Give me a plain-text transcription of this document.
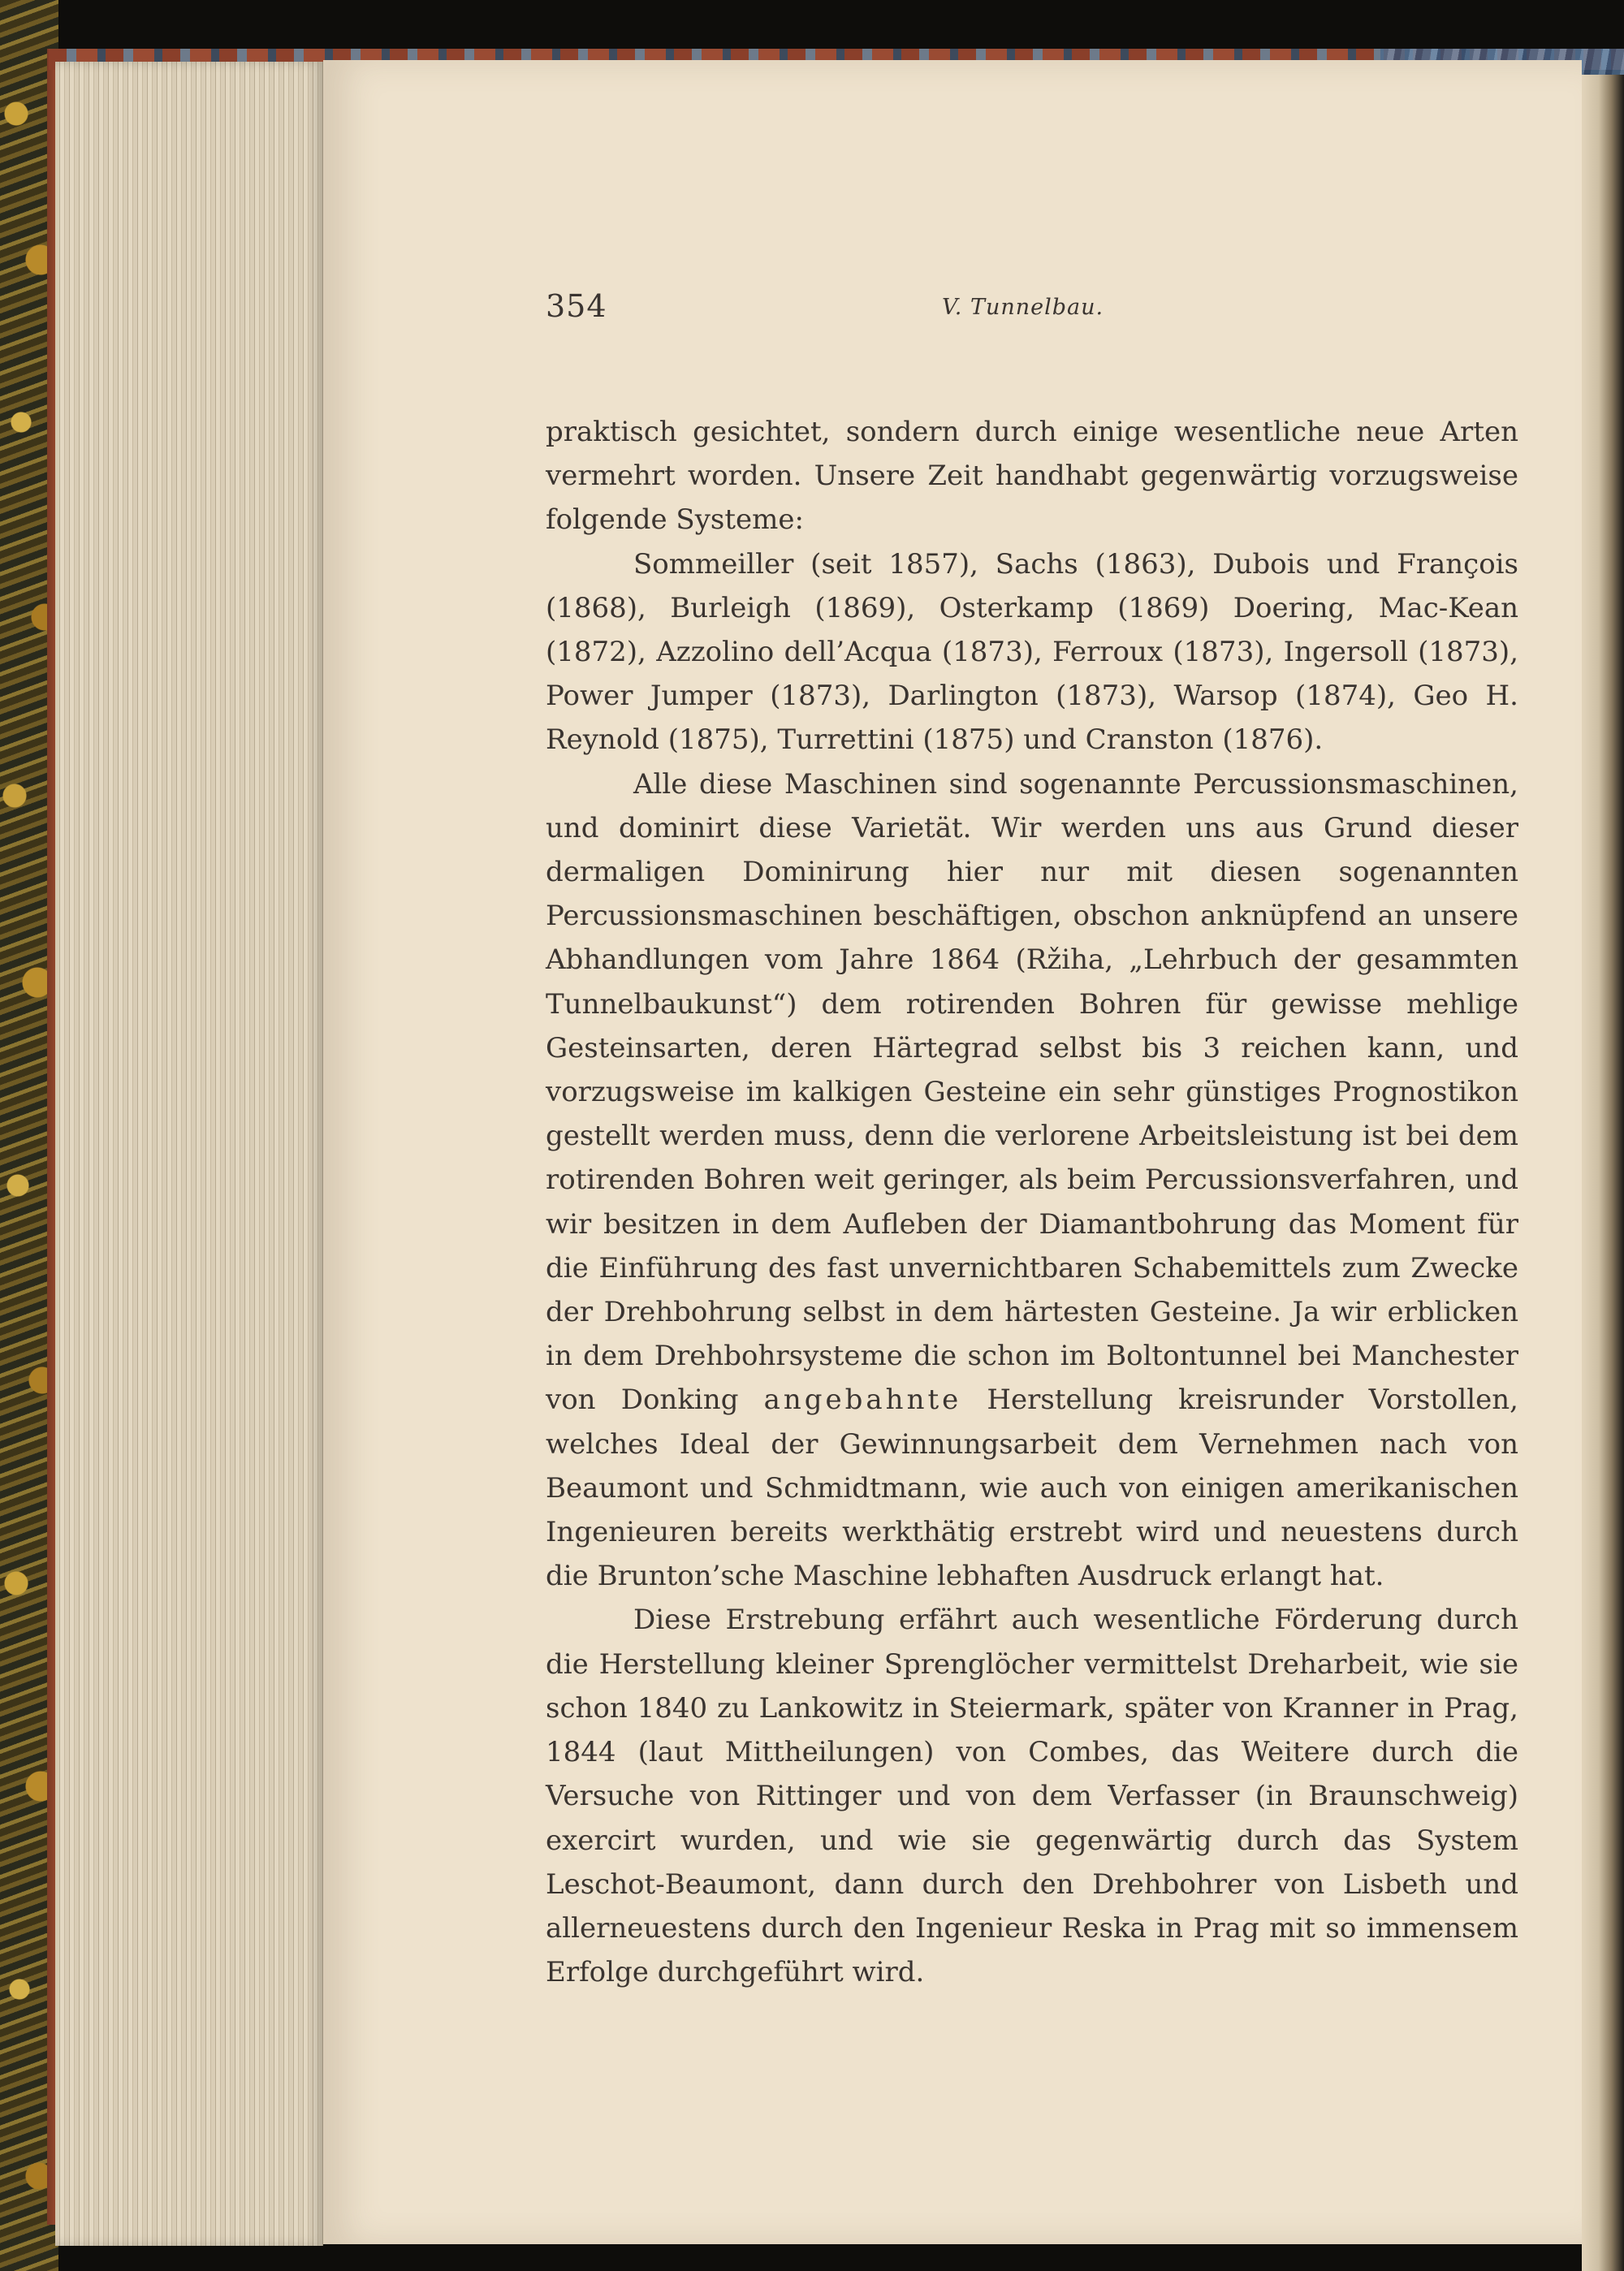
354	V. Tunnelbau.

praktisch gesichtet, sondern durch einige wesentliche neue Arten vermehrt worden. Unsere Zeit handhabt gegenwärtig vorzugsweise folgende Systeme:

Sommeiller (seit 1857), Sachs (1863), Dubois und François (1868), Burleigh (1869), Osterkamp (1869) Doering, Mac-Kean (1872), Azzolino dell’Acqua (1873), Ferroux (1873), Ingersoll (1873), Power Jumper (1873), Darlington (1873), Warsop (1874), Geo H. Reynold (1875), Turrettini (1875) und Cranston (1876).

Alle diese Maschinen sind sogenannte Percussionsmaschinen, und dominirt diese Varietät. Wir werden uns aus Grund dieser dermaligen Dominirung hier nur mit diesen sogenannten Percussionsmaschinen beschäftigen, obschon anknüpfend an unsere Abhandlungen vom Jahre 1864 (Ržiha, „Lehrbuch der gesammten Tunnelbaukunst“) dem rotirenden Bohren für gewisse mehlige Gesteinsarten, deren Härtegrad selbst bis 3 reichen kann, und vorzugsweise im kalkigen Gesteine ein sehr günstiges Prognostikon gestellt werden muss, denn die verlorene Arbeitsleistung ist bei dem rotirenden Bohren weit geringer, als beim Percussionsverfahren, und wir besitzen in dem Aufleben der Diamantbohrung das Moment für die Einführung des fast unvernichtbaren Schabemittels zum Zwecke der Drehbohrung selbst in dem härtesten Gesteine. Ja wir erblicken in dem Drehbohrsysteme die schon im Boltontunnel bei Manchester von Donking angebahnte Herstellung kreisrunder Vorstollen, welches Ideal der Gewinnungsarbeit dem Vernehmen nach von Beaumont und Schmidtmann, wie auch von einigen amerikanischen Ingenieuren bereits werkthätig erstrebt wird und neuestens durch die Brunton’sche Maschine lebhaften Ausdruck erlangt hat.

Diese Erstrebung erfährt auch wesentliche Förderung durch die Herstellung kleiner Sprenglöcher vermittelst Dreharbeit, wie sie schon 1840 zu Lankowitz in Steiermark, später von Kranner in Prag, 1844 (laut Mittheilungen) von Combes, das Weitere durch die Versuche von Rittinger und von dem Verfasser (in Braunschweig) exercirt wurden, und wie sie gegenwärtig durch das System Leschot-Beaumont, dann durch den Drehbohrer von Lisbeth und allerneuestens durch den Ingenieur Reska in Prag mit so immensem Erfolge durchgeführt wird.
